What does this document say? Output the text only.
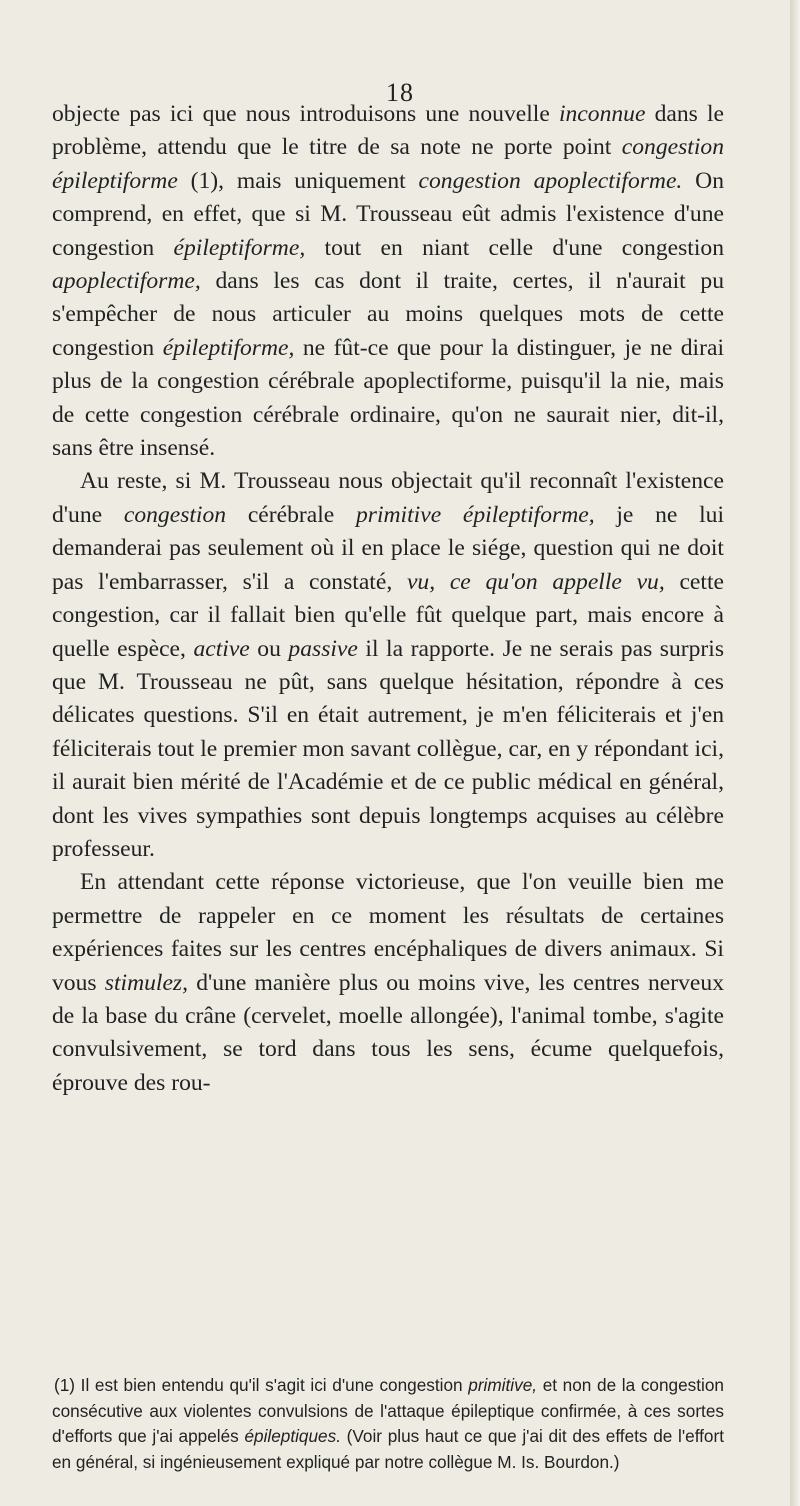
18

objecte pas ici que nous introduisons une nouvelle inconnue dans le problème, attendu que le titre de sa note ne porte point congestion épileptiforme (1), mais uniquement congestion apoplectiforme. On comprend, en effet, que si M. Trousseau eût admis l'existence d'une congestion épileptiforme, tout en niant celle d'une congestion apoplectiforme, dans les cas dont il traite, certes, il n'aurait pu s'empêcher de nous articuler au moins quelques mots de cette congestion épileptiforme, ne fût-ce que pour la distinguer, je ne dirai plus de la congestion cérébrale apoplectiforme, puisqu'il la nie, mais de cette congestion cérébrale ordinaire, qu'on ne saurait nier, dit-il, sans être insensé.

Au reste, si M. Trousseau nous objectait qu'il reconnaît l'existence d'une congestion cérébrale primitive épileptiforme, je ne lui demanderai pas seulement où il en place le siége, question qui ne doit pas l'embarrasser, s'il a constaté, vu, ce qu'on appelle vu, cette congestion, car il fallait bien qu'elle fût quelque part, mais encore à quelle espèce, active ou passive il la rapporte. Je ne serais pas surpris que M. Trousseau ne pût, sans quelque hésitation, répondre à ces délicates questions. S'il en était autrement, je m'en féliciterais et j'en féliciterais tout le premier mon savant collègue, car, en y répondant ici, il aurait bien mérité de l'Académie et de ce public médical en général, dont les vives sympathies sont depuis longtemps acquises au célèbre professeur.

En attendant cette réponse victorieuse, que l'on veuille bien me permettre de rappeler en ce moment les résultats de certaines expériences faites sur les centres encéphaliques de divers animaux. Si vous stimulez, d'une manière plus ou moins vive, les centres nerveux de la base du crâne (cervelet, moelle allongée), l'animal tombe, s'agite convulsivement, se tord dans tous les sens, écume quelquefois, éprouve des rou-

(1) Il est bien entendu qu'il s'agit ici d'une congestion primitive, et non de la congestion consécutive aux violentes convulsions de l'attaque épileptique confirmée, à ces sortes d'efforts que j'ai appelés épileptiques. (Voir plus haut ce que j'ai dit des effets de l'effort en général, si ingénieusement expliqué par notre collègue M. Is. Bourdon.)
